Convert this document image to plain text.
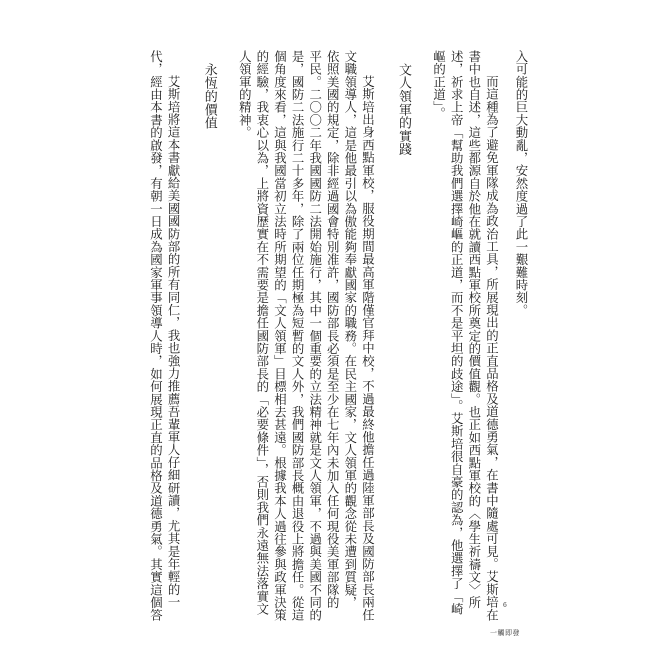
入可能的巨大動亂，安然度過了此一艱難時刻。

而這種為了避免軍隊成為政治工具，所展現出的正直品格及道德勇氣，在書中隨處可見。艾斯培在

書中也自述，這些都源自於他在就讀西點軍校所奠定的價值觀。也正如西點軍校的〈學生祈禱文〉所

述，祈求上帝「幫助我們選擇崎嶇的正道，而不是平坦的歧途」。艾斯培很自豪的認為，他選擇了「崎

嶇的正道」。

文人領軍的實踐

艾斯培出身西點軍校，服役期間最高軍階僅官拜中校，不過最終他擔任過陸軍部長及國防部長兩任

文職領導人，這是他最引以為傲能夠奉獻國家的職務。在民主國家，文人領軍的觀念從未遭到質疑，

依照美國的規定，除非經過國會特別准許，國防部長必須是至少在七年內未加入任何現役美軍部隊的

平民。二〇〇二年我國國防二法開始施行，其中一個重要的立法精神就是文人領軍，不過與美國不同的

是，國防二法施行二十多年，除了兩位任期極為短暫的文人外，我們國防部長概由退役上將擔任。從這

個角度來看，這與我國當初立法時所期望的「文人領軍」目標相去甚遠。根據我本人過往參與政軍決策

的經驗，我衷心以為，上將資歷實在不需要是擔任國防部長的「必要條件」，否則我們永遠無法落實文

人領軍的精神。

永恆的價值

艾斯培將這本書獻給美國國防部的所有同仁，我也強力推薦吾輩軍人仔細研讀，尤其是年輕的一

代，經由本書的啟發，有朝一日成為國家軍事領導人時，如何展現正直的品格及道德勇氣。其實這個答	6
一觸即發
